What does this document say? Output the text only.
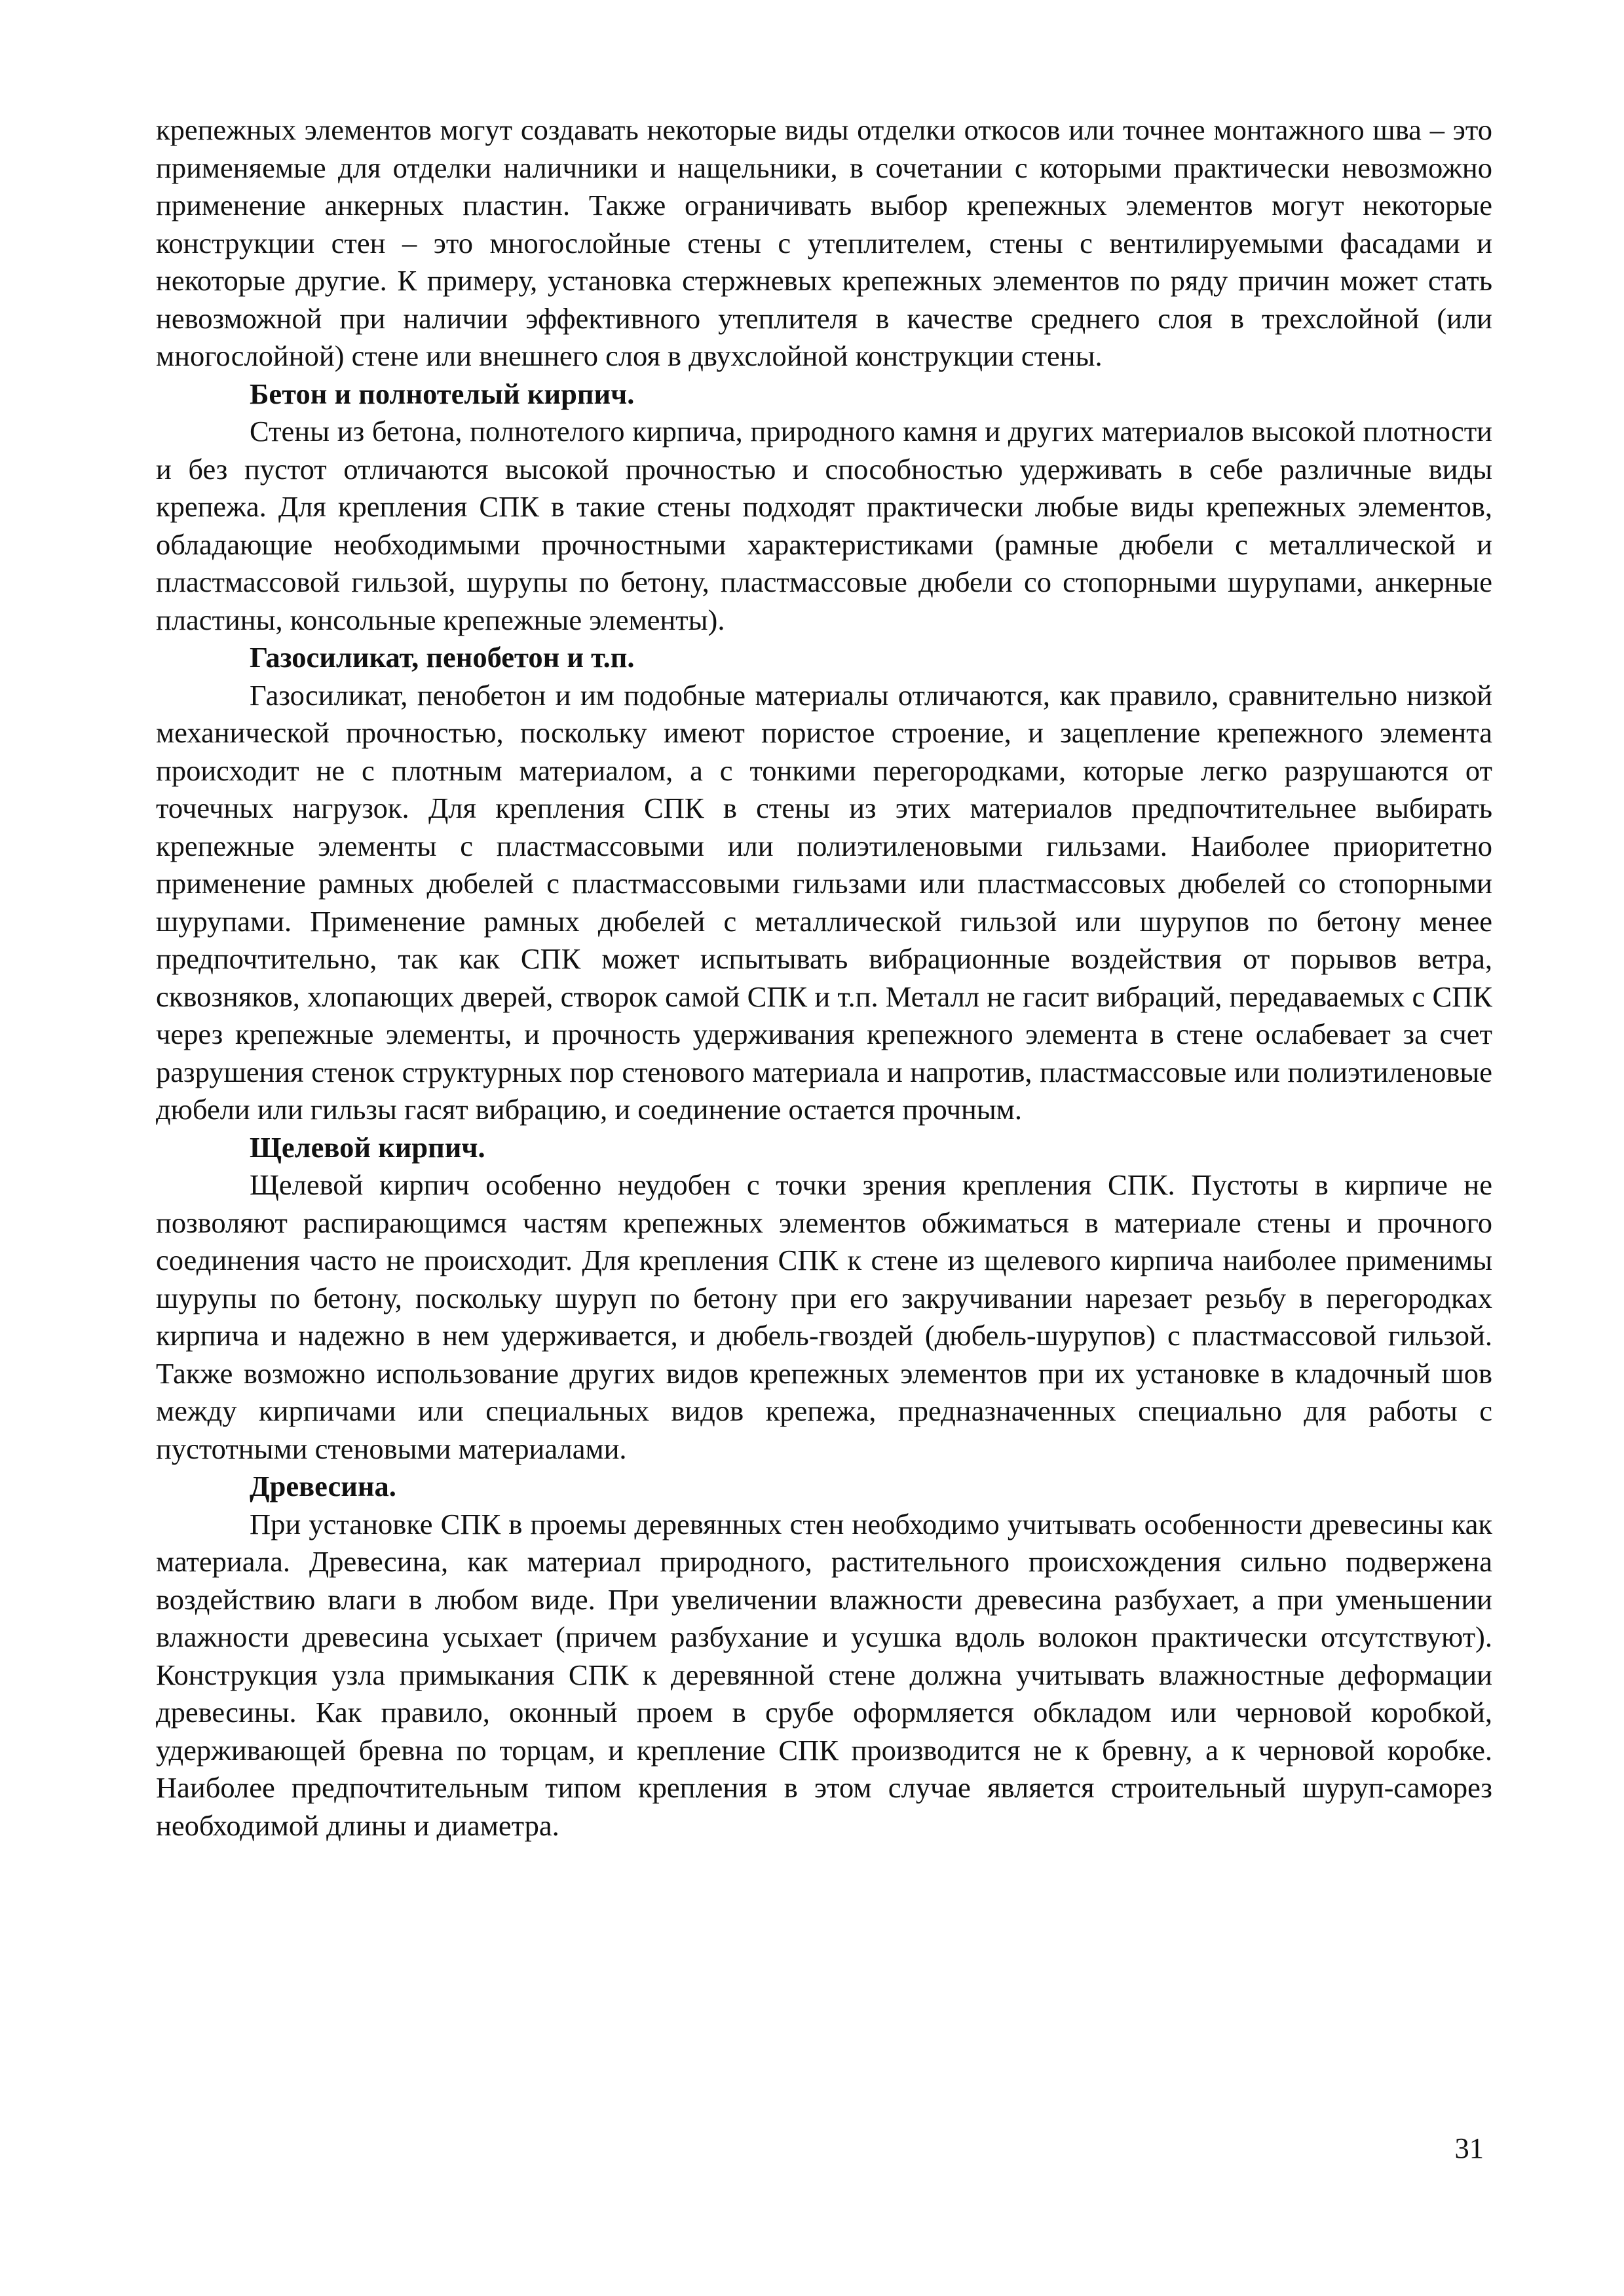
крепежных элементов могут создавать некоторые виды отделки откосов или точнее монтажного шва – это применяемые для отделки наличники и нащельники, в сочетании с которыми практически невозможно применение анкерных пластин. Также ограничивать выбор крепежных элементов могут некоторые конструкции стен – это многослойные стены с утеплителем, стены с вентилируемыми фасадами и некоторые другие. К примеру, установка стержневых крепежных элементов по ряду причин может стать невозможной при наличии эффективного утеплителя в качестве среднего слоя в трехслойной (или многослойной) стене или внешнего слоя в двухслойной конструкции стены.

Бетон и полнотелый кирпич.

Стены из бетона, полнотелого кирпича, природного камня и других материалов высокой плотности и без пустот отличаются высокой прочностью и способностью удерживать в себе различные виды крепежа. Для крепления СПК в такие стены подходят практически любые виды крепежных элементов, обладающие необходимыми прочностными характеристиками (рамные дюбели с металлической и пластмассовой гильзой, шурупы по бетону, пластмассовые дюбели со стопорными шурупами, анкерные пластины, консольные крепежные элементы).

Газосиликат, пенобетон и т.п.

Газосиликат, пенобетон и им подобные материалы отличаются, как правило, сравнительно низкой механической прочностью, поскольку имеют пористое строение, и зацепление крепежного элемента происходит не с плотным материалом, а с тонкими перегородками, которые легко разрушаются от точечных нагрузок. Для крепления СПК в стены из этих материалов предпочтительнее выбирать крепежные элементы с пластмассовыми или полиэтиленовыми гильзами. Наиболее приоритетно применение рамных дюбелей с пластмассовыми гильзами или пластмассовых дюбелей со стопорными шурупами. Применение рамных дюбелей с металлической гильзой или шурупов по бетону менее предпочтительно, так как СПК может испытывать вибрационные воздействия от порывов ветра, сквозняков, хлопающих дверей, створок самой СПК и т.п. Металл не гасит вибраций, передаваемых с СПК через крепежные элементы, и прочность удерживания крепежного элемента в стене ослабевает за счет разрушения стенок структурных пор стенового материала и напротив, пластмассовые или полиэтиленовые дюбели или гильзы гасят вибрацию, и соединение остается прочным.

Щелевой кирпич.

Щелевой кирпич особенно неудобен с точки зрения крепления СПК. Пустоты в кирпиче не позволяют распирающимся частям крепежных элементов обжиматься в материале стены и прочного соединения часто не происходит. Для крепления СПК к стене из щелевого кирпича наиболее применимы шурупы по бетону, поскольку шуруп по бетону при его закручивании нарезает резьбу в перегородках кирпича и надежно в нем удерживается, и дюбель-гвоздей (дюбель-шурупов) с пластмассовой гильзой. Также возможно использование других видов крепежных элементов при их установке в кладочный шов между кирпичами или специальных видов крепежа, предназначенных специально для работы с пустотными стеновыми материалами.

Древесина.

При установке СПК в проемы деревянных стен необходимо учитывать особенности древесины как материала. Древесина, как материал природного, растительного происхождения сильно подвержена воздействию влаги в любом виде. При увеличении влажности древесина разбухает, а при уменьшении влажности древесина усыхает (причем разбухание и усушка вдоль волокон практически отсутствуют). Конструкция узла примыкания СПК к деревянной стене должна учитывать влажностные деформации древесины. Как правило, оконный проем в срубе оформляется обкладом или черновой коробкой, удерживающей бревна по торцам, и крепление СПК производится не к бревну, а к черновой коробке. Наиболее предпочтительным типом крепления в этом случае является строительный шуруп-саморез необходимой длины и диаметра.

31
